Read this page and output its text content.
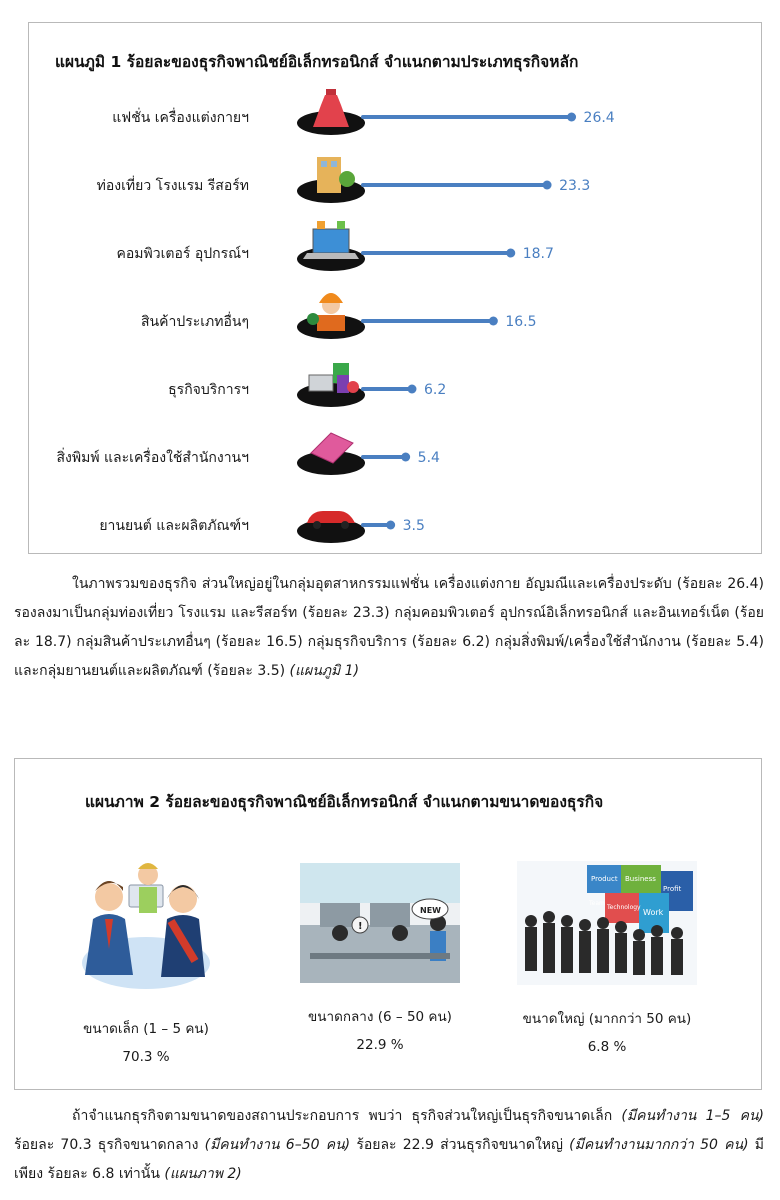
แผนภูมิ 1 ร้อยละของธุรกิจพาณิชย์อิเล็กทรอนิกส์ จำแนกตามประเภทธุรกิจหลัก
แฟชั่น เครื่องแต่งกายฯ	26.4
ท่องเที่ยว โรงแรม รีสอร์ท	23.3
คอมพิวเตอร์ อุปกรณ์ฯ	18.7
สินค้าประเภทอื่นๆ	16.5
ธุรกิจบริการฯ	6.2
สิ่งพิมพ์ และเครื่องใช้สำนักงานฯ	5.4
ยานยนต์ และผลิตภัณฑ์ฯ	3.5
ในภาพรวมของธุรกิจ ส่วนใหญ่อยู่ในกลุ่มอุตสาหกรรมแฟชั่น เครื่องแต่งกาย อัญมณีและเครื่องประดับ (ร้อยละ 26.4) รองลงมาเป็นกลุ่มท่องเที่ยว โรงแรม และรีสอร์ท (ร้อยละ 23.3) กลุ่มคอมพิวเตอร์ อุปกรณ์อิเล็กทรอนิกส์ และอินเทอร์เน็ต (ร้อยละ 18.7) กลุ่มสินค้าประเภทอื่นๆ (ร้อยละ 16.5) กลุ่มธุรกิจบริการ (ร้อยละ 6.2) กลุ่มสิ่งพิมพ์/เครื่องใช้สำนักงาน (ร้อยละ 5.4) และกลุ่มยานยนต์และผลิตภัณฑ์ (ร้อยละ 3.5) (แผนภูมิ 1)
แผนภาพ 2 ร้อยละของธุรกิจพาณิชย์อิเล็กทรอนิกส์ จำแนกตามขนาดของธุรกิจ
ขนาดเล็ก (1 – 5 คน)
70.3 %
!
NEW
ขนาดกลาง (6 – 50 คน)
22.9 %
Product Business
Profit
Technology
Work
Team
ขนาดใหญ่ (มากกว่า 50 คน)
6.8 %
ถ้าจำแนกธุรกิจตามขนาดของสถานประกอบการ พบว่า ธุรกิจส่วนใหญ่เป็นธุรกิจขนาดเล็ก (มีคนทำงาน 1–5 คน) ร้อยละ 70.3 ธุรกิจขนาดกลาง (มีคนทำงาน 6–50 คน) ร้อยละ 22.9 ส่วนธุรกิจขนาดใหญ่ (มีคนทำงานมากกว่า 50 คน) มีเพียง ร้อยละ 6.8 เท่านั้น (แผนภาพ 2)
